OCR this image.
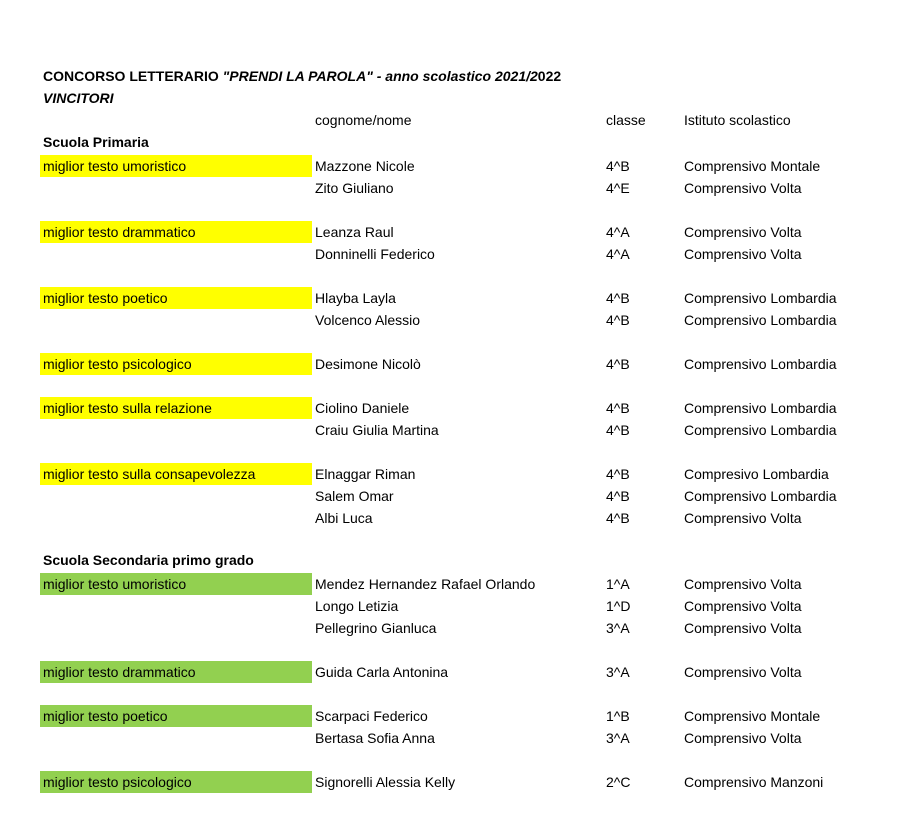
CONCORSO LETTERARIO "PRENDI LA PAROLA" - anno scolastico 2021/2022
VINCITORI
cognome/nome	classe	Istituto scolastico
Scuola Primaria
miglior testo umoristico	Mazzone Nicole	4^B	Comprensivo Montale
Zito Giuliano	4^E	Comprensivo Volta
miglior testo drammatico	Leanza Raul	4^A	Comprensivo Volta
Donninelli Federico	4^A	Comprensivo Volta
miglior testo poetico	Hlayba Layla	4^B	Comprensivo Lombardia
Volcenco Alessio	4^B	Comprensivo Lombardia
miglior testo psicologico	Desimone Nicolò	4^B	Comprensivo Lombardia
miglior testo sulla relazione	Ciolino Daniele	4^B	Comprensivo Lombardia
Craiu Giulia Martina	4^B	Comprensivo Lombardia
miglior testo sulla consapevolezza	Elnaggar Riman	4^B	Compresivo Lombardia
Salem Omar	4^B	Comprensivo Lombardia
Albi Luca	4^B	Comprensivo Volta
Scuola Secondaria primo grado
miglior testo umoristico	Mendez Hernandez Rafael Orlando	1^A	Comprensivo Volta
Longo Letizia	1^D	Comprensivo Volta
Pellegrino Gianluca	3^A	Comprensivo Volta
miglior testo drammatico	Guida Carla Antonina	3^A	Comprensivo Volta
miglior testo poetico	Scarpaci Federico	1^B	Comprensivo Montale
Bertasa Sofia Anna	3^A	Comprensivo Volta
miglior testo psicologico	Signorelli Alessia Kelly	2^C	Comprensivo Manzoni
